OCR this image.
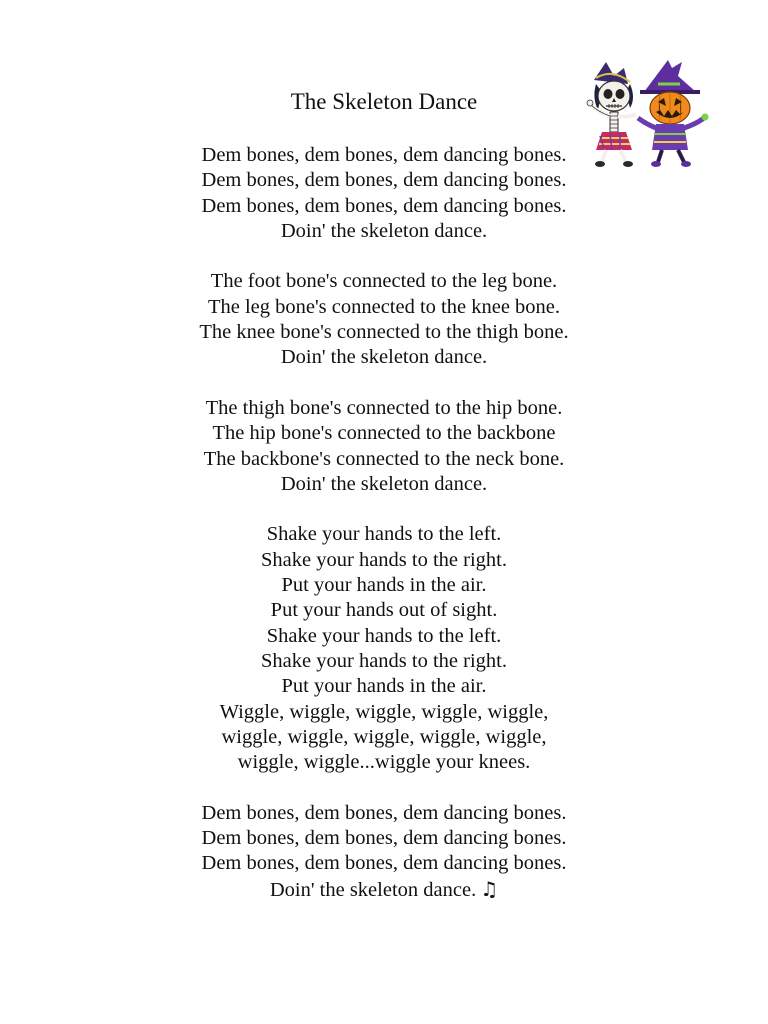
The Skeleton Dance
Dem bones, dem bones, dem dancing bones.
Dem bones, dem bones, dem dancing bones.
Dem bones, dem bones, dem dancing bones.
Doin' the skeleton dance.
The foot bone's connected to the leg bone.
The leg bone's connected to the knee bone.
The knee bone's connected to the thigh bone.
Doin' the skeleton dance.
The thigh bone's connected to the hip bone.
The hip bone's connected to the backbone
The backbone's connected to the neck bone.
Doin' the skeleton dance.
Shake your hands to the left.
Shake your hands to the right.
Put your hands in the air.
Put your hands out of sight.
Shake your hands to the left.
Shake your hands to the right.
Put your hands in the air.
Wiggle, wiggle, wiggle, wiggle, wiggle,
wiggle, wiggle, wiggle, wiggle, wiggle,
wiggle, wiggle...wiggle your knees.
Dem bones, dem bones, dem dancing bones.
Dem bones, dem bones, dem dancing bones.
Dem bones, dem bones, dem dancing bones.
Doin' the skeleton dance. ♫
